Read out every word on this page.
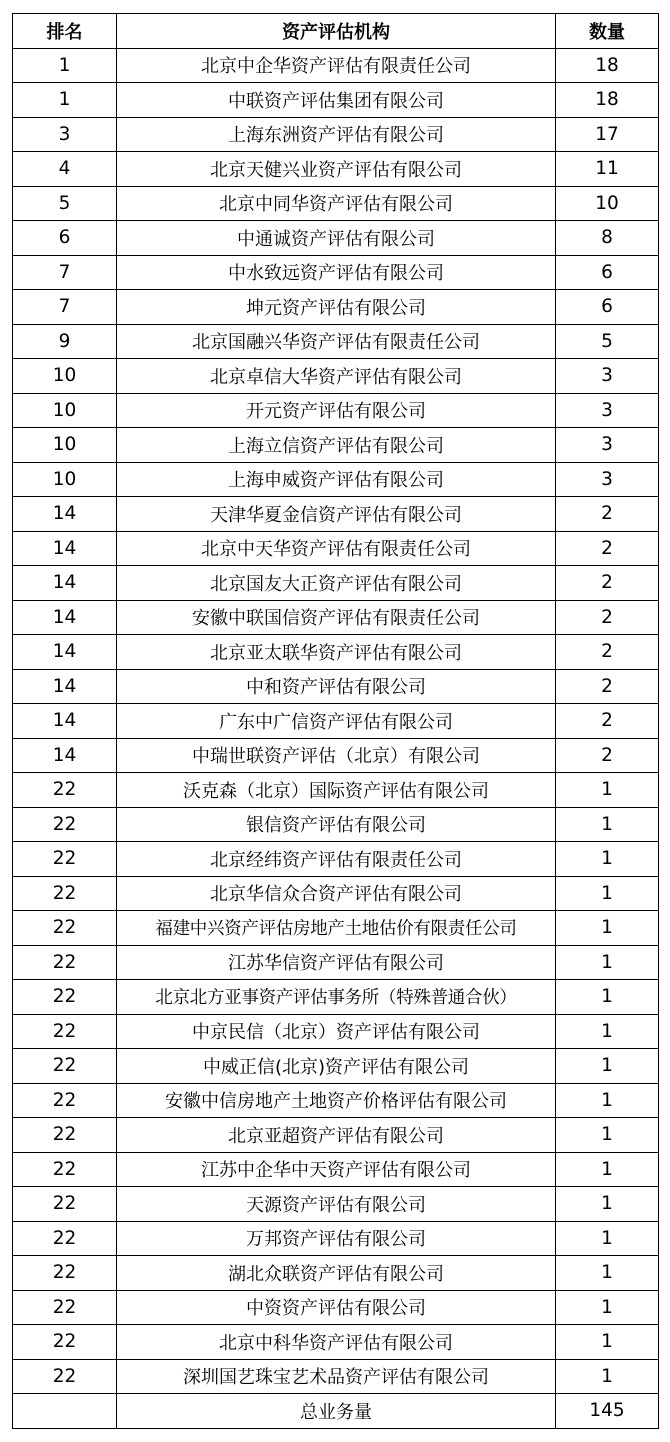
排名	资产评估机构	数量
1	北京中企华资产评估有限责任公司	18
1	中联资产评估集团有限公司	18
3	上海东洲资产评估有限公司	17
4	北京天健兴业资产评估有限公司	11
5	北京中同华资产评估有限公司	10
6	中通诚资产评估有限公司	8
7	中水致远资产评估有限公司	6
7	坤元资产评估有限公司	6
9	北京国融兴华资产评估有限责任公司	5
10	北京卓信大华资产评估有限公司	3
10	开元资产评估有限公司	3
10	上海立信资产评估有限公司	3
10	上海申威资产评估有限公司	3
14	天津华夏金信资产评估有限公司	2
14	北京中天华资产评估有限责任公司	2
14	北京国友大正资产评估有限公司	2
14	安徽中联国信资产评估有限责任公司	2
14	北京亚太联华资产评估有限公司	2
14	中和资产评估有限公司	2
14	广东中广信资产评估有限公司	2
14	中瑞世联资产评估（北京）有限公司	2
22	沃克森（北京）国际资产评估有限公司	1
22	银信资产评估有限公司	1
22	北京经纬资产评估有限责任公司	1
22	北京华信众合资产评估有限公司	1
22	福建中兴资产评估房地产土地估价有限责任公司	1
22	江苏华信资产评估有限公司	1
22	北京北方亚事资产评估事务所（特殊普通合伙）	1
22	中京民信（北京）资产评估有限公司	1
22	中威正信(北京)资产评估有限公司	1
22	安徽中信房地产土地资产价格评估有限公司	1
22	北京亚超资产评估有限公司	1
22	江苏中企华中天资产评估有限公司	1
22	天源资产评估有限公司	1
22	万邦资产评估有限公司	1
22	湖北众联资产评估有限公司	1
22	中资资产评估有限公司	1
22	北京中科华资产评估有限公司	1
22	深圳国艺珠宝艺术品资产评估有限公司	1
	总业务量	145
